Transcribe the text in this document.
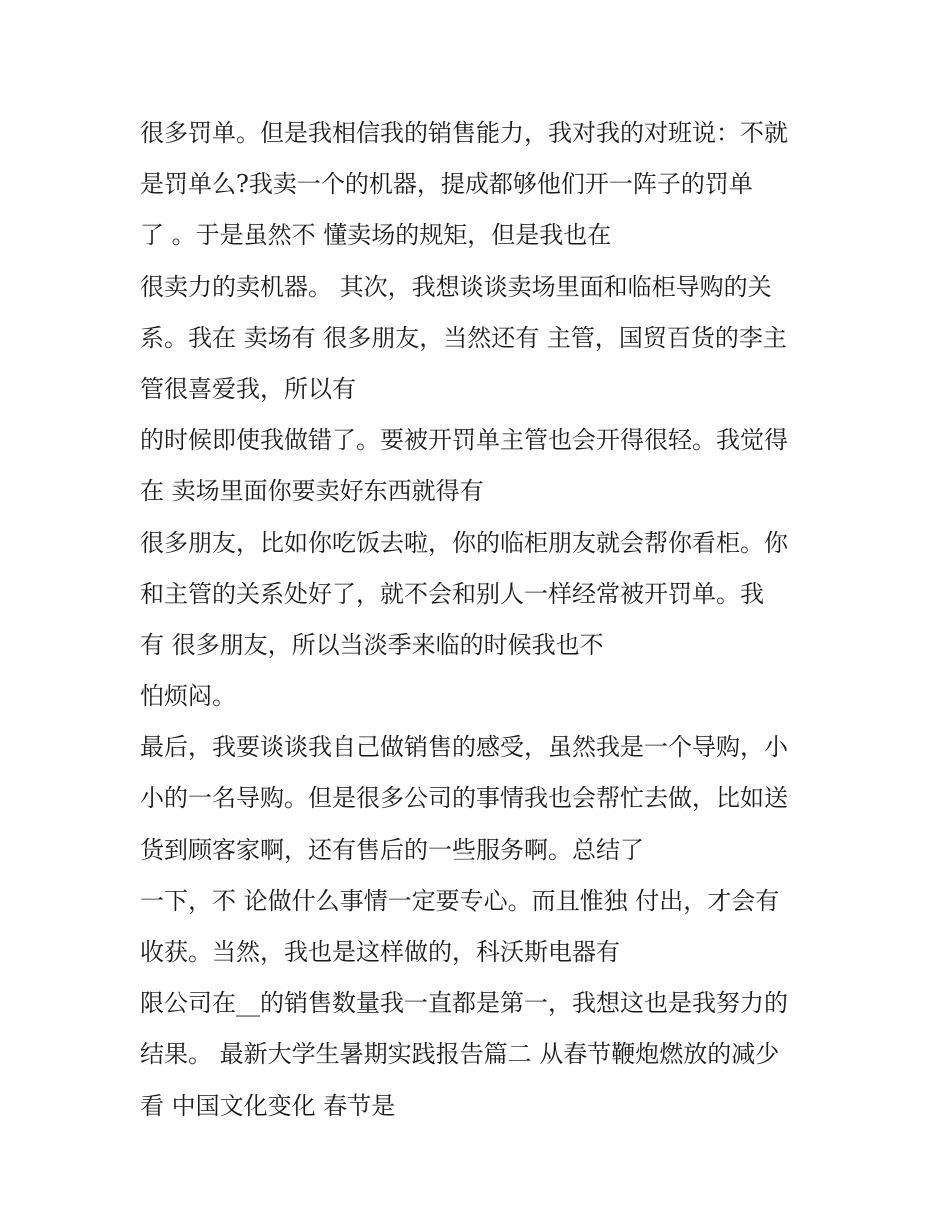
很多罚单。但是我相信我的销售能力，我对我的对班说：不就
是罚单么?我卖一个的机器，提成都够他们开一阵子的罚单
了 。于是虽然不 懂卖场的规矩，但是我也在
很卖力的卖机器。 其次，我想谈谈卖场里面和临柜导购的关
系。我在 卖场有 很多朋友，当然还有 主管，国贸百货的李主
管很喜爱我，所以有
的时候即使我做错了。要被开罚单主管也会开得很轻。我觉得
在 卖场里面你要卖好东西就得有
很多朋友，比如你吃饭去啦，你的临柜朋友就会帮你看柜。你
和主管的关系处好了，就不会和别人一样经常被开罚单。我
有 很多朋友，所以当淡季来临的时候我也不
怕烦闷。
最后，我要谈谈我自己做销售的感受，虽然我是一个导购，小
小的一名导购。但是很多公司的事情我也会帮忙去做，比如送
货到顾客家啊，还有售后的一些服务啊。总结了
一下，不 论做什么事情一定要专心。而且惟独 付出，才会有
收获。当然，我也是这样做的，科沃斯电器有
限公司在__的销售数量我一直都是第一，我想这也是我努力的
结果。 最新大学生暑期实践报告篇二 从春节鞭炮燃放的减少
看 中国文化变化 春节是
